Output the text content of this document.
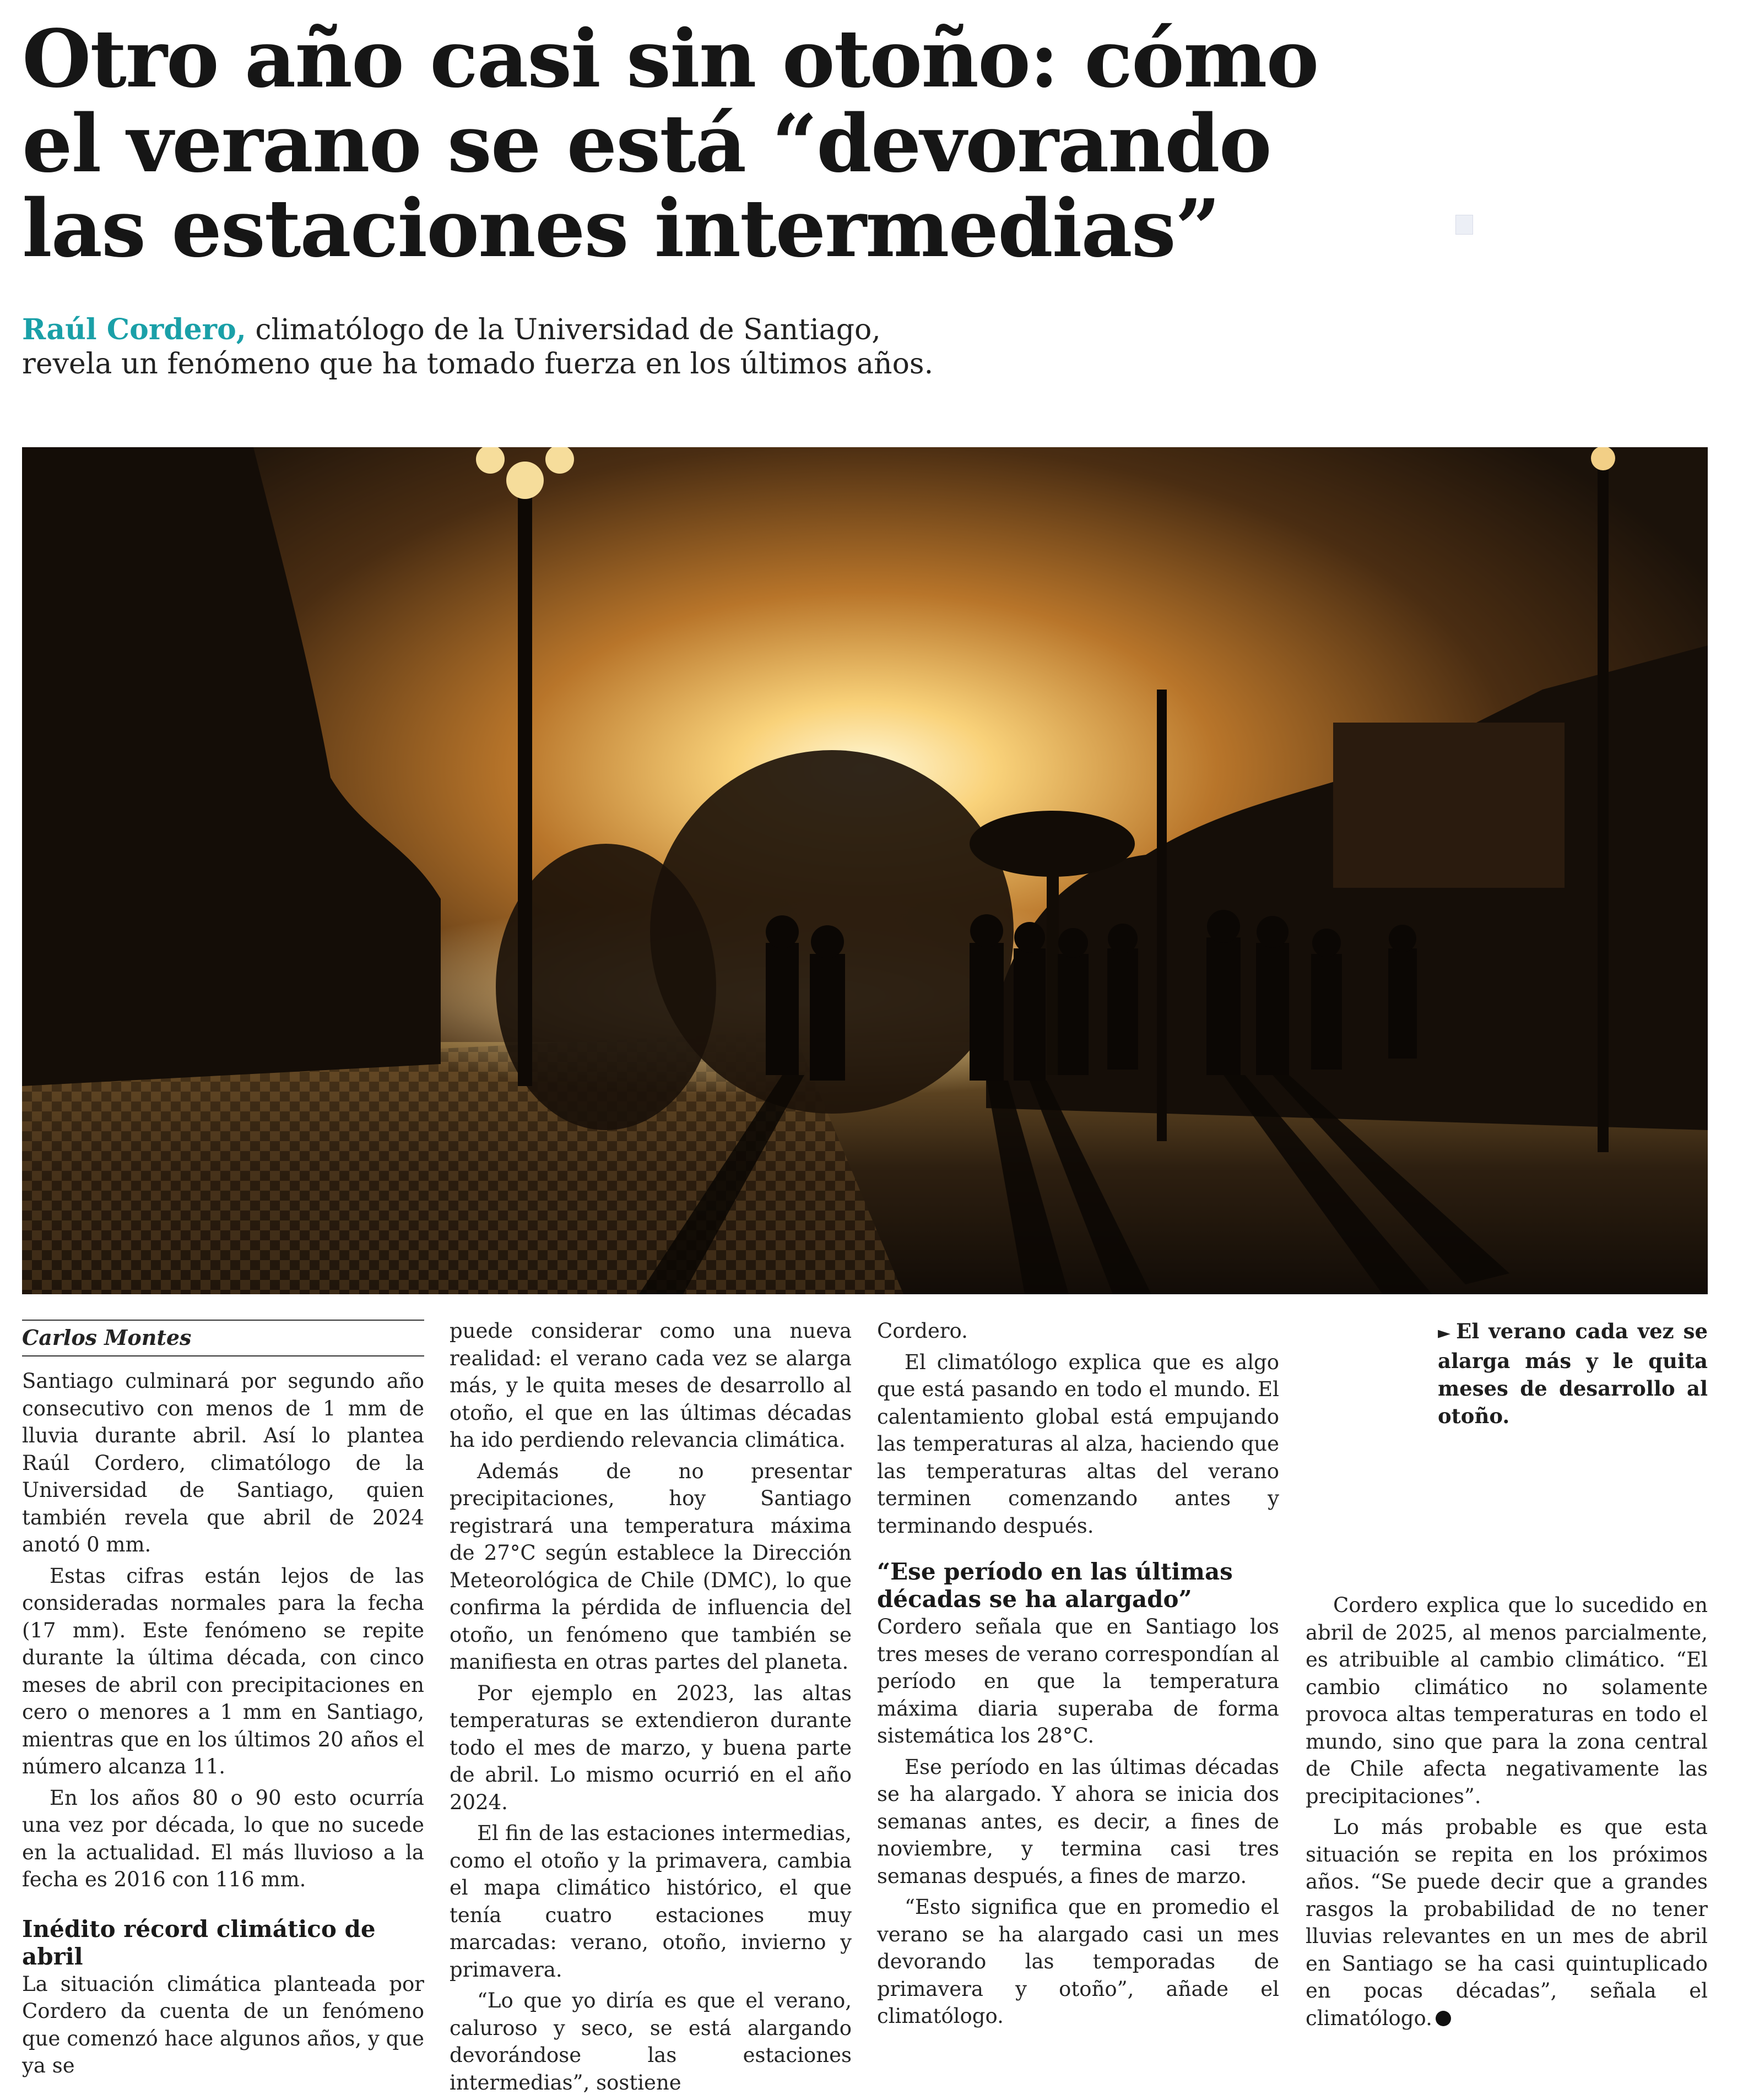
Otro año casi sin otoño: cómo
el verano se está “devorando
las estaciones intermedias”

Raúl Cordero, climatólogo de la Universidad de Santiago,
revela un fenómeno que ha tomado fuerza en los últimos años.

Carlos Montes

Santiago culminará por segundo año consecutivo con menos de 1 mm de lluvia durante abril. Así lo plantea Raúl Cordero, climatólogo de la Universidad de Santiago, quien también revela que abril de 2024 anotó 0 mm.

Estas cifras están lejos de las consideradas normales para la fecha (17 mm). Este fenómeno se repite durante la última década, con cinco meses de abril con precipitaciones en cero o menores a 1 mm en Santiago, mientras que en los últimos 20 años el número alcanza 11.

En los años 80 o 90 esto ocurría una vez por década, lo que no sucede en la actualidad. El más lluvioso a la fecha es 2016 con 116 mm.

Inédito récord climático de abril

La situación climática planteada por Cordero da cuenta de un fenómeno que comenzó hace algunos años, y que ya se

puede considerar como una nueva realidad: el verano cada vez se alarga más, y le quita meses de desarrollo al otoño, el que en las últimas décadas ha ido perdiendo relevancia climática.

Además de no presentar precipitaciones, hoy Santiago registrará una temperatura máxima de 27°C según establece la Dirección Meteorológica de Chile (DMC), lo que confirma la pérdida de influencia del otoño, un fenómeno que también se manifiesta en otras partes del planeta.

Por ejemplo en 2023, las altas temperaturas se extendieron durante todo el mes de marzo, y buena parte de abril. Lo mismo ocurrió en el año 2024.

El fin de las estaciones intermedias, como el otoño y la primavera, cambia el mapa climático histórico, el que tenía cuatro estaciones muy marcadas: verano, otoño, invierno y primavera.

“Lo que yo diría es que el verano, caluroso y seco, se está alargando devorándose las estaciones intermedias”, sostiene

Cordero.

El climatólogo explica que es algo que está pasando en todo el mundo. El calentamiento global está empujando las temperaturas al alza, haciendo que las temperaturas altas del verano terminen comenzando antes y terminando después.

“Ese período en las últimas décadas se ha alargado”

Cordero señala que en Santiago los tres meses de verano correspondían al período en que la temperatura máxima diaria superaba de forma sistemática los 28°C.

Ese período en las últimas décadas se ha alargado. Y ahora se inicia dos semanas antes, es decir, a fines de noviembre, y termina casi tres semanas después, a fines de marzo.

“Esto significa que en promedio el verano se ha alargado casi un mes devorando las temporadas de primavera y otoño”, añade el climatólogo.

► El verano cada vez se alarga más y le quita meses de desarrollo al otoño.

Cordero explica que lo sucedido en abril de 2025, al menos parcialmente, es atribuible al cambio climático. “El cambio climático no solamente provoca altas temperaturas en todo el mundo, sino que para la zona central de Chile afecta negativamente las precipitaciones”.

Lo más probable es que esta situación se repita en los próximos años. “Se puede decir que a grandes rasgos la probabilidad de no tener lluvias relevantes en un mes de abril en Santiago se ha casi quintuplicado en pocas décadas”, señala el climatólogo.
